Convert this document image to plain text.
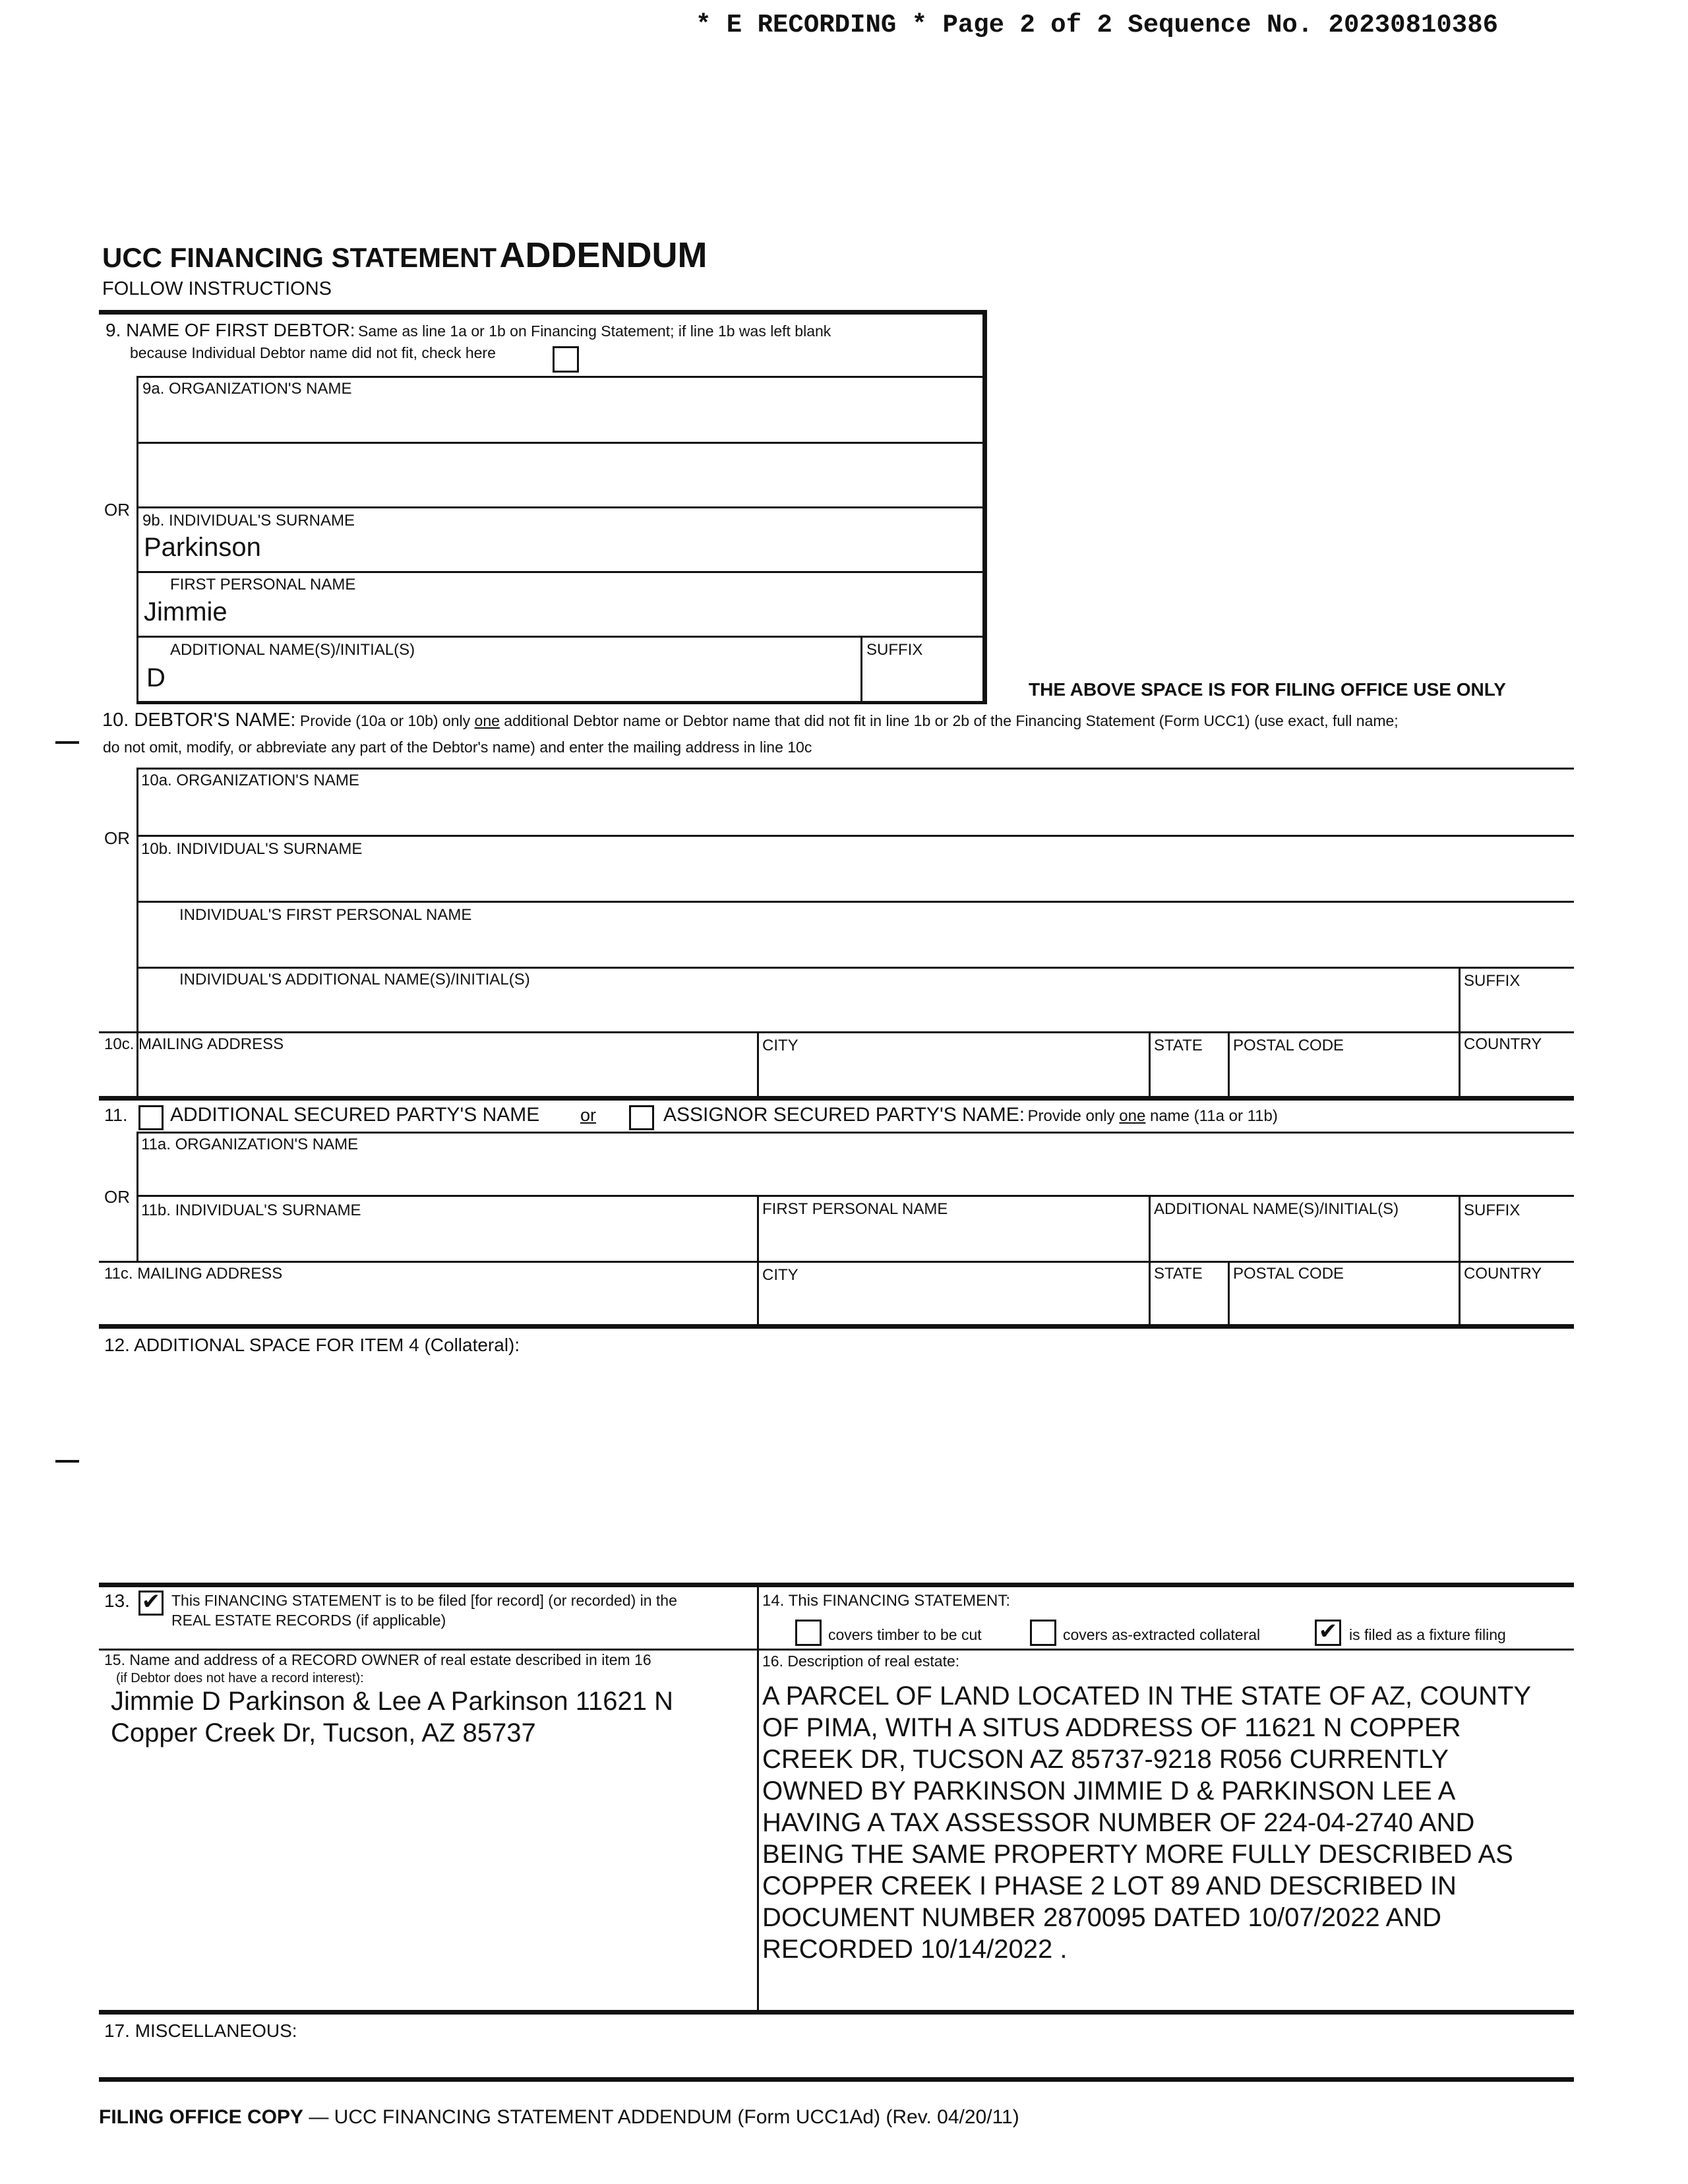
* E RECORDING * Page 2 of 2 Sequence No. 20230810386
UCC FINANCING STATEMENT ADDENDUM
FOLLOW INSTRUCTIONS
9. NAME OF FIRST DEBTOR: Same as line 1a or 1b on Financing Statement; if line 1b was left blank
because Individual Debtor name did not fit, check here
9a. ORGANIZATION'S NAME
OR
9b. INDIVIDUAL'S SURNAME
Parkinson
FIRST PERSONAL NAME
Jimmie
ADDITIONAL NAME(S)/INITIAL(S)
D
SUFFIX
THE ABOVE SPACE IS FOR FILING OFFICE USE ONLY
10. DEBTOR'S NAME: Provide (10a or 10b) only one additional Debtor name or Debtor name that did not fit in line 1b or 2b of the Financing Statement (Form UCC1) (use exact, full name;
do not omit, modify, or abbreviate any part of the Debtor's name) and enter the mailing address in line 10c
10a. ORGANIZATION'S NAME
OR
10b. INDIVIDUAL'S SURNAME
INDIVIDUAL'S FIRST PERSONAL NAME
INDIVIDUAL'S ADDITIONAL NAME(S)/INITIAL(S)	SUFFIX
10c. MAILING ADDRESS	CITY	STATE POSTAL CODE	COUNTRY
11. ADDITIONAL SECURED PARTY'S NAME or	ASSIGNOR SECURED PARTY'S NAME: Provide only one name (11a or 11b)
11a. ORGANIZATION'S NAME
OR
11b. INDIVIDUAL'S SURNAME	FIRST PERSONAL NAME	ADDITIONAL NAME(S)/INITIAL(S)	SUFFIX
11c. MAILING ADDRESS	CITY	STATE POSTAL CODE	COUNTRY
12. ADDITIONAL SPACE FOR ITEM 4 (Collateral):
13. ✔ This FINANCING STATEMENT is to be filed [for record] (or recorded) in the
REAL ESTATE RECORDS (if applicable)
14. This FINANCING STATEMENT:
covers timber to be cut	covers as-extracted collateral	✔ is filed as a fixture filing
15. Name and address of a RECORD OWNER of real estate described in item 16
(if Debtor does not have a record interest):
Jimmie D Parkinson & Lee A Parkinson 11621 N
Copper Creek Dr, Tucson, AZ 85737
16. Description of real estate:
A PARCEL OF LAND LOCATED IN THE STATE OF AZ, COUNTY
OF PIMA, WITH A SITUS ADDRESS OF 11621 N COPPER
CREEK DR, TUCSON AZ 85737-9218 R056 CURRENTLY
OWNED BY PARKINSON JIMMIE D & PARKINSON LEE A
HAVING A TAX ASSESSOR NUMBER OF 224-04-2740 AND
BEING THE SAME PROPERTY MORE FULLY DESCRIBED AS
COPPER CREEK I PHASE 2 LOT 89 AND DESCRIBED IN
DOCUMENT NUMBER 2870095 DATED 10/07/2022 AND
RECORDED 10/14/2022 .
17. MISCELLANEOUS:
FILING OFFICE COPY — UCC FINANCING STATEMENT ADDENDUM (Form UCC1Ad) (Rev. 04/20/11)
